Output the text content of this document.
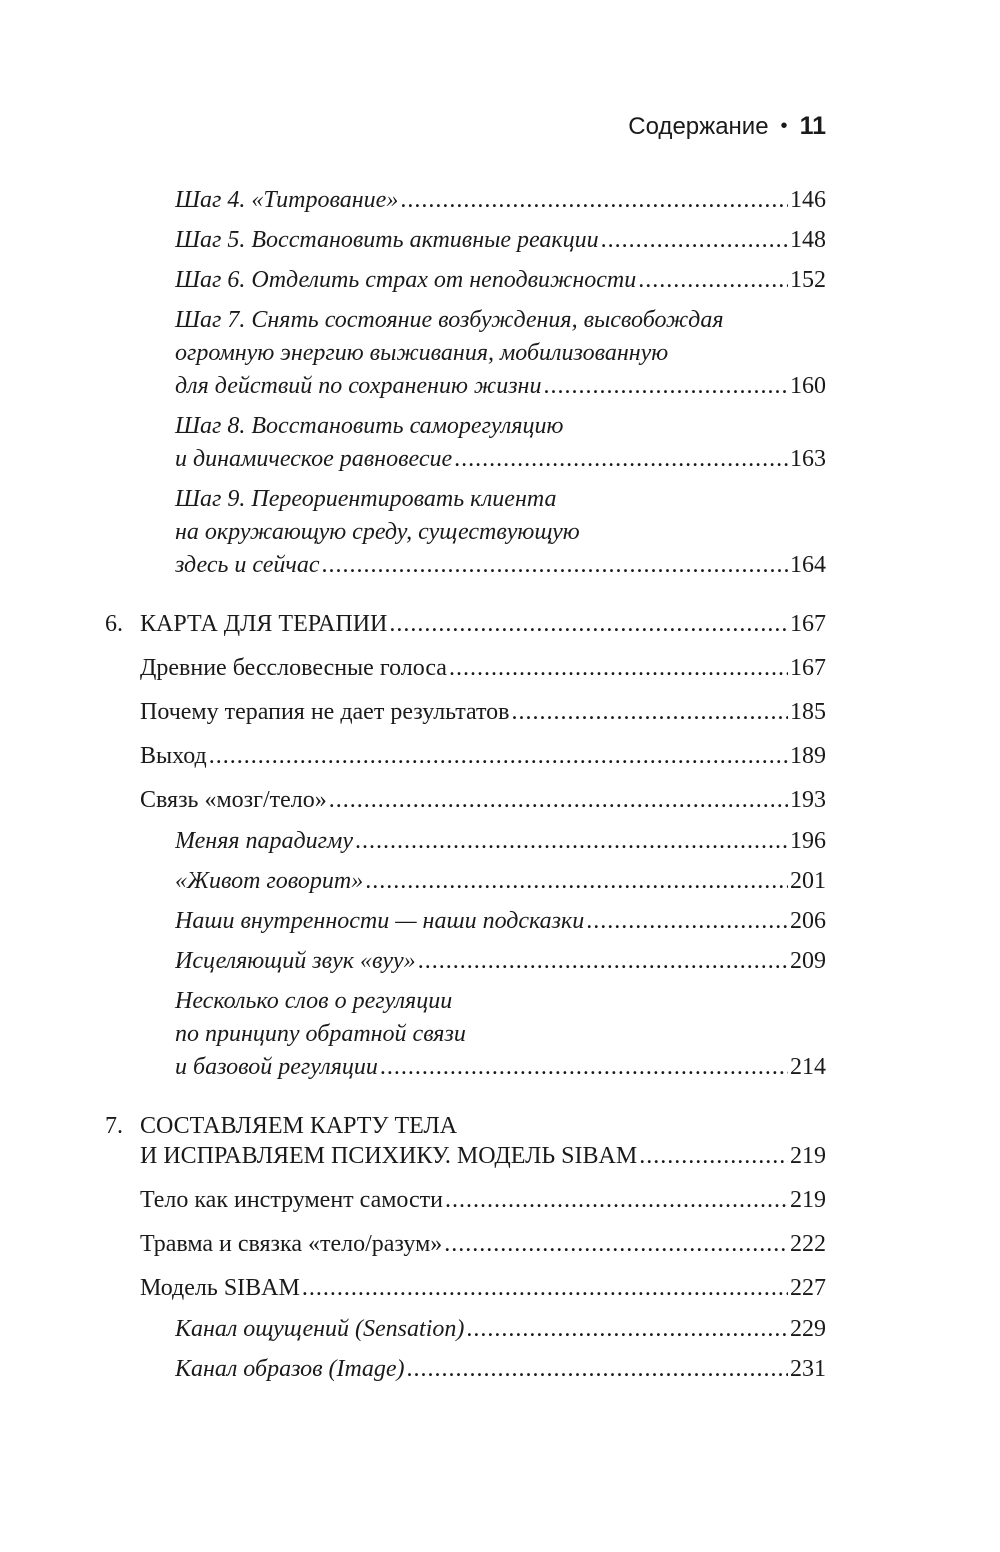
Содержание • 11
Шаг 4. «Титрование» .....	146
Шаг 5. Восстановить активные реакции .....	148
Шаг 6. Отделить страх от неподвижности .....	152
Шаг 7. Снять состояние возбуждения, высвобождая
огромную энергию выживания, мобилизованную
для действий по сохранению жизни .....	160
Шаг 8. Восстановить саморегуляцию
и динамическое равновесие .....	163
Шаг 9. Переориентировать клиента
на окружающую среду, существующую
здесь и сейчас .....	164
6. КАРТА ДЛЯ ТЕРАПИИ .....	167
Древние бессловесные голоса .....	167
Почему терапия не дает результатов .....	185
Выход .....	189
Связь «мозг/тело» .....	193
Меняя парадигму .....	196
«Живот говорит» .....	201
Наши внутренности — наши подсказки .....	206
Исцеляющий звук «вуу» .....	209
Несколько слов о регуляции
по принципу обратной связи
и базовой регуляции .....	214
7. СОСТАВЛЯЕМ КАРТУ ТЕЛА
И ИСПРАВЛЯЕМ ПСИХИКУ. МОДЕЛЬ SIBAM .....	219
Тело как инструмент самости .....	219
Травма и связка «тело/разум» .....	222
Модель SIBAM .....	227
Канал ощущений (Sensation) .....	229
Канал образов (Image) .....	231
